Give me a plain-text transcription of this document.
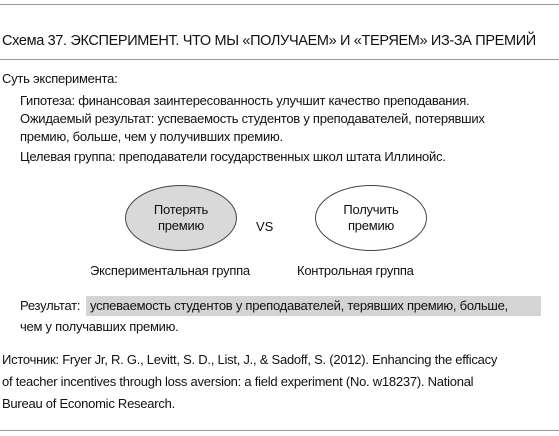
Схема 37. ЭКСПЕРИМЕНТ. ЧТО МЫ «ПОЛУЧАЕМ» И «ТЕРЯЕМ» ИЗ-ЗА ПРЕМИЙ
Суть эксперимента:
Гипотеза: финансовая заинтересованность улучшит качество преподавания.
Ожидаемый результат: успеваемость студентов у преподавателей, потерявших
премию, больше, чем у получивших премию.
Целевая группа: преподаватели государственных школ штата Иллинойс.
Потерять
премию	VS
Получить
премию
Экспериментальная группа	Контрольная группа
Результат: успеваемость студентов у преподавателей, терявших премию, больше,
чем у получавших премию.
Источник: Fryer Jr, R. G., Levitt, S. D., List, J., & Sadoff, S. (2012). Enhancing the efficacy
of teacher incentives through loss aversion: a field experiment (No. w18237). National
Bureau of Economic Research.
